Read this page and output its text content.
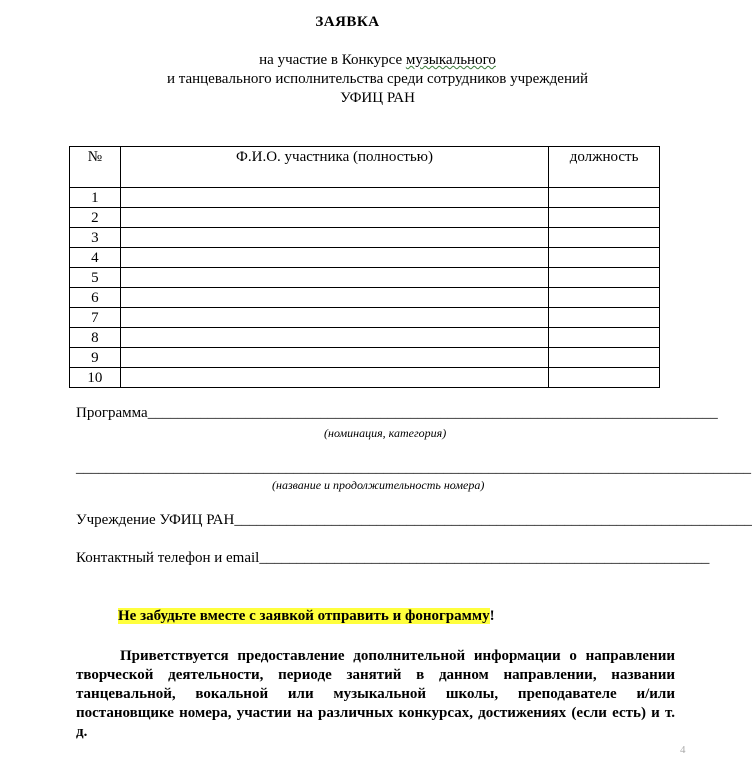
ЗАЯВКА
на участие в Конкурсе музыкального
и танцевального исполнительства среди сотрудников учреждений
УФИЦ РАН
№	Ф.И.О. участника (полностью)	должность
1		
2		
3		
4		
5		
6		
7		
8		
9		
10		
Программа____________________________________________________________________________
(номинация, категория)
__________________________________________________________________________________________
(название и продолжительность номера)
Учреждение УФИЦ РАН_____________________________________________________________________
Контактный телефон и email____________________________________________________________
Не забудьте вместе с заявкой отправить и фонограмму!
Приветствуется предоставление дополнительной информации о направлении творческой деятельности, периоде занятий в данном направлении, названии танцевальной, вокальной или музыкальной школы, преподавателе и/или постановщике номера, участии на различных конкурсах, достижениях (если есть) и т. д.
4
